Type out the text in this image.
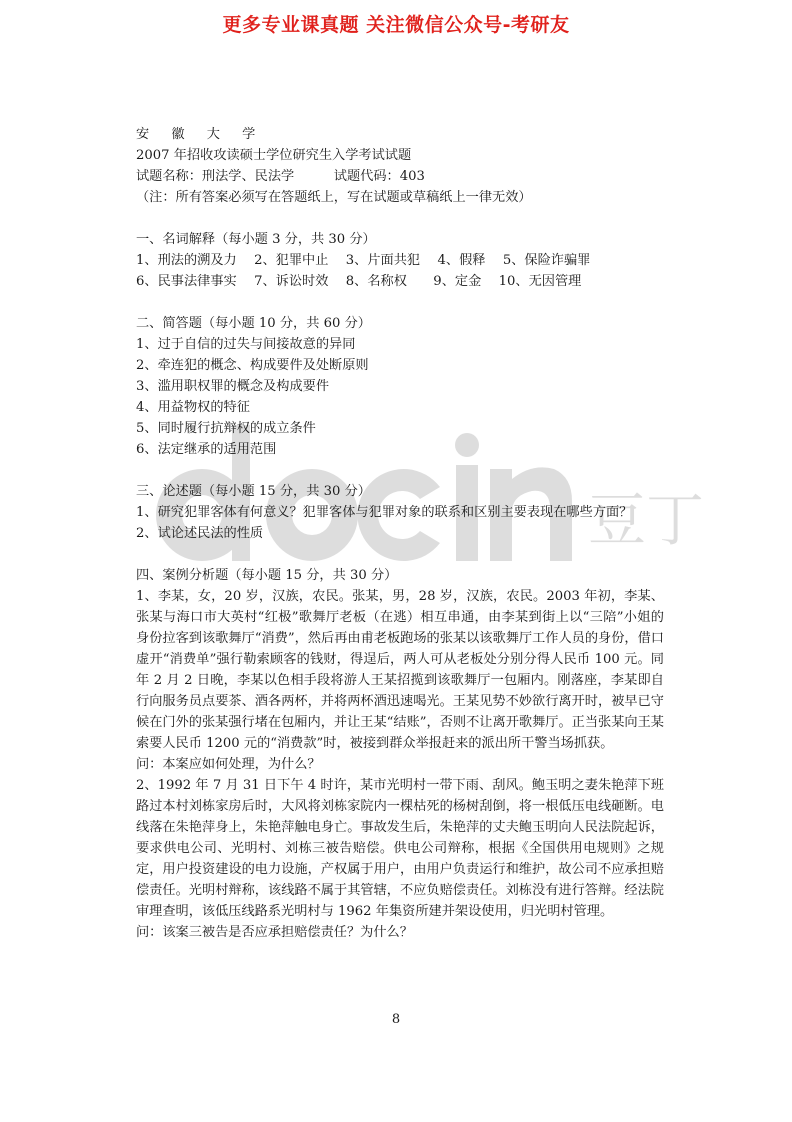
更多专业课真题 关注微信公众号-考研友
豆丁
安 徽 大 学
2007 年招收攻读硕士学位研究生入学考试试题
试题名称：刑法学、民法学　　　试题代码：403
（注：所有答案必须写在答题纸上，写在试题或草稿纸上一律无效）
一、名词解释（每小题 3 分，共 30 分）
1、刑法的溯及力　 2、犯罪中止　 3、片面共犯　 4、假释　 5、保险诈骗罪
6、民事法律事实　 7、诉讼时效　 8、名称权　　9、定金　 10、无因管理
二、简答题（每小题 10 分，共 60 分）
1、过于自信的过失与间接故意的异同
2、牵连犯的概念、构成要件及处断原则
3、滥用职权罪的概念及构成要件
4、用益物权的特征
5、同时履行抗辩权的成立条件
6、法定继承的适用范围
三、论述题（每小题 15 分，共 30 分）
1、研究犯罪客体有何意义？犯罪客体与犯罪对象的联系和区别主要表现在哪些方面？
2、试论述民法的性质
四、案例分析题（每小题 15 分，共 30 分）
1、李某，女，20 岁，汉族，农民。张某，男，28 岁，汉族，农民。2003 年初，李某、张某与海口市大英村“红极”歌舞厅老板（在逃）相互串通，由李某到街上以“三陪”小姐的身份拉客到该歌舞厅“消费”，然后再由甫老板跑场的张某以该歌舞厅工作人员的身份，借口虚开“消费单”强行勒索顾客的钱财，得逞后，两人可从老板处分别分得人民币 100 元。同年 2 月 2 日晚，李某以色相手段将游人王某招揽到该歌舞厅一包厢内。刚落座，李某即自行向服务员点要茶、酒各两杯，并将两杯酒迅速喝光。王某见势不妙欲行离开时，被早已守候在门外的张某强行堵在包厢内，并让王某“结账”，否则不让离开歌舞厅。正当张某向王某索要人民币 1200 元的“消费款”时，被接到群众举报赶来的派出所干警当场抓获。
问：本案应如何处理，为什么？
2、1992 年 7 月 31 日下午 4 时许，某市光明村一带下雨、刮风。鲍玉明之妻朱艳萍下班路过本村刘栋家房后时，大风将刘栋家院内一棵枯死的杨树刮倒，将一根低压电线砸断。电线落在朱艳萍身上，朱艳萍触电身亡。事故发生后，朱艳萍的丈夫鲍玉明向人民法院起诉，要求供电公司、光明村、刘栋三被告赔偿。供电公司辩称，根据《全国供用电规则》之规定，用户投资建设的电力设施，产权属于用户，由用户负责运行和维护，故公司不应承担赔偿责任。光明村辩称，该线路不属于其管辖，不应负赔偿责任。刘栋没有进行答辩。经法院审理查明，该低压线路系光明村与 1962 年集资所建并架设使用，归光明村管理。
问：该案三被告是否应承担赔偿责任？为什么？
8
